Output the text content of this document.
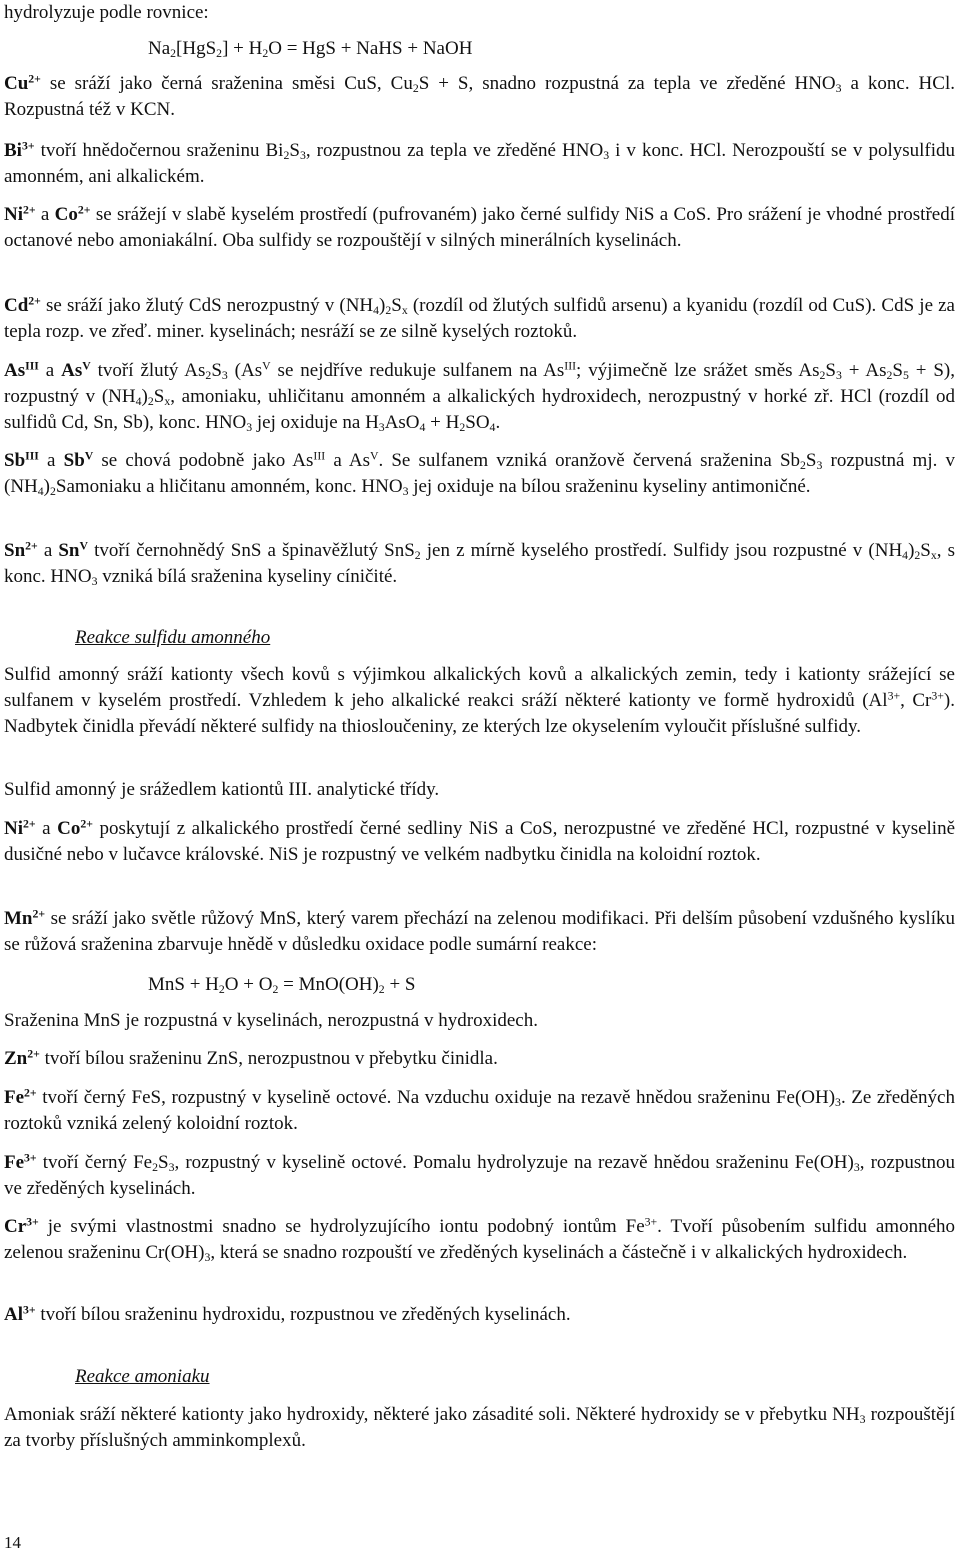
hydrolyzuje podle rovnice:

$Na_2[HgS_2] + H_2O$ = HgS + NaHS + NaOH

$Cu^{2+}$ se sráží jako černá sraženina směsi CuS, $Cu_2S + S$, snadno rozpustná za tepla ve zředěné $HNO_3$ a konc. HCl. Rozpustná též v KCN.

$Bi^{3+}$ tvoří hnědočernou sraženinu $Bi_2S_3$, rozpustnou za tepla ve zředěné $HNO_3$ i v konc. HCl. Nerozpouští se v polysulfidu amonném, ani alkalickém.

$Ni^{2+}$ a $Co^{2+}$ se srážejí v slabě kyselém prostředí (pufrovaném) jako černé sulfidy NiS a CoS. Pro srážení je vhodné prostředí octanové nebo amoniakální. Oba sulfidy se rozpouštějí v silných minerálních kyselinách.

$Cd^{2+}$ se sráží jako žlutý CdS nerozpustný v $(NH_4)_2S_x$ (rozdíl od žlutých sulfidů arsenu) a kyanidu (rozdíl od CuS). CdS je za tepla rozp. ve zřeď. miner. kyselinách; nesráží se ze silně kyselých roztoků.

$As^{III}$ a $As^V$ tvoří žlutý $As_2S_3$ ($As^V$ se nejdříve redukuje sulfanem na $As^{III}$; výjimečně lze srážet směs $As_2S_3 + As_2S_5 + S$), rozpustný v $(NH_4)_2S_x$, amoniaku, uhličitanu amonném a alkalických hydroxidech, nerozpustný v horké zř. HCl (rozdíl od sulfidů Cd, Sn, Sb), konc. $HNO_3$ jej oxiduje na $H_3AsO_4 + H_2SO_4$.

$Sb^{III}$ a $Sb^V$ se chová podobně jako $As^{III}$ a $As^V$. Se sulfanem vzniká oranžově červená sraženina $Sb_2S_3$ rozpustná mj. v $(NH_4)_2Samoniaku$ a hličitanu amonném, konc. $HNO_3$ jej oxiduje na bílou sraženinu kyseliny antimoničné.

$Sn^{2+}$ a $Sn^V$ tvoří černohnědý SnS a špinavěžlutý SnS$_2$ jen z mírně kyselého prostředí. Sulfidy jsou rozpustné v $(NH_4)_2S_x$, s konc. $HNO_3$ vzniká bílá sraženina kyseliny cíničité.

Reakce sulfidu amonného

Sulfid amonný sráží kationty všech kovů s výjimkou alkalických kovů a alkalických zemin, tedy i kationty srážející se sulfanem v kyselém prostředí. Vzhledem k jeho alkalické reakci sráží některé kationty ve formě hydroxidů ($Al^{3+}$, $Cr^{3+}$). Nadbytek činidla převádí některé sulfidy na thiosloučeniny, ze kterých lze okyselením vyloučit příslušné sulfidy.

Sulfid amonný je srážedlem kationtů III. analytické třídy.

$Ni^{2+}$ a $Co^{2+}$ poskytují z alkalického prostředí černé sedliny NiS a CoS, nerozpustné ve zředěné HCl, rozpustné v kyselině dusičné nebo v lučavce královské. NiS je rozpustný ve velkém nadbytku činidla na koloidní roztok.

$Mn^{2+}$ se sráží jako světle růžový MnS, který varem přechází na zelenou modifikaci. Při delším působení vzdušného kyslíku se růžová sraženina zbarvuje hnědě v důsledku oxidace podle sumární reakce:

MnS + $H_2O + O_2 = MnO(OH)_2 + S$

Sraženina MnS je rozpustná v kyselinách, nerozpustná v hydroxidech.

$Zn^{2+}$ tvoří bílou sraženinu ZnS, nerozpustnou v přebytku činidla.

$Fe^{2+}$ tvoří černý FeS, rozpustný v kyselině octové. Na vzduchu oxiduje na rezavě hnědou sraženinu $Fe(OH)_3$. Ze zředěných roztoků vzniká zelený koloidní roztok.

$Fe^{3+}$ tvoří černý $Fe_2S_3$, rozpustný v kyselině octové. Pomalu hydrolyzuje na rezavě hnědou sraženinu $Fe(OH)_3$, rozpustnou ve zředěných kyselinách.

$Cr^{3+}$ je svými vlastnostmi snadno se hydrolyzujícího iontu podobný iontům $Fe^{3+}$. Tvoří působením sulfidu amonného zelenou sraženinu $Cr(OH)_3$, která se snadno rozpouští ve zředěných kyselinách a částečně i v alkalických hydroxidech.

$Al^{3+}$ tvoří bílou sraženinu hydroxidu, rozpustnou ve zředěných kyselinách.

Reakce amoniaku

Amoniak sráží některé kationty jako hydroxidy, některé jako zásadité soli. Některé hydroxidy se v přebytku $NH_3$ rozpouštějí za tvorby příslušných amminkomplexů.

14
